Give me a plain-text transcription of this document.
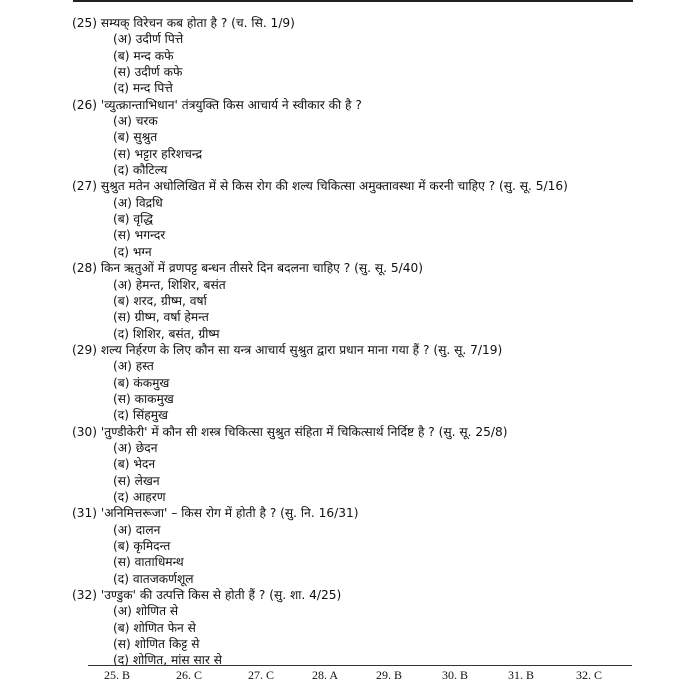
(25) सम्यक् विरेचन कब होता है ? (च. सि. 1/9)
(अ) उदीर्ण पित्ते
(ब) मन्द कफे
(स) उदीर्ण कफे
(द) मन्द पित्ते
(26) 'व्युत्क्रान्ताभिधान' तंत्रयुक्ति किस आचार्य ने स्वीकार की है ?
(अ) चरक
(ब) सुश्रुत
(स) भट्टार हरिशचन्द्र
(द) कौटिल्य
(27) सुश्रुत मतेन अधोलिखित में से किस रोग की शल्य चिकित्सा अमुक्तावस्था में करनी चाहिए ? (सु. सू. 5/16)
(अ) विद्रधि
(ब) वृद्धि
(स) भगन्दर
(द) भग्न
(28) किन ऋतुओं में व्रणपट्ट बन्धन तीसरे दिन बदलना चाहिए ? (सु. सू. 5/40)
(अ) हेमन्त, शिशिर, बसंत
(ब) शरद, ग्रीष्म, वर्षा
(स) ग्रीष्म, वर्षा हेमन्त
(द) शिशिर, बसंत, ग्रीष्म
(29) शल्य निर्हरण के लिए कौन सा यन्त्र आचार्य सुश्रुत द्वारा प्रधान माना गया हैं ? (सु. सू. 7/19)
(अ) हस्त
(ब) कंकमुख
(स) काकमुख
(द) सिंहमुख
(30) 'तुण्डीकेरी' में कौन सी शस्त्र चिकित्सा सुश्रुत संहिता में चिकित्सार्थ निर्दिष्ट है ? (सु. सू. 25/8)
(अ) छेदन
(ब) भेदन
(स) लेखन
(द) आहरण
(31) 'अनिमित्तरूजा' – किस रोग में होती है ? (सु. नि. 16/31)
(अ) दालन
(ब) कृमिदन्त
(स) वाताधिमन्थ
(द) वातजकर्णशूल
(32) 'उण्डुक' की उत्पत्ति किस से होती हैं ? (सु. शा. 4/25)
(अ) शोणित से
(ब) शोणित फेन से
(स) शोणित किट्ट से
(द) शोणित, मांस सार से
25. B	26. C	27. C	28. A	29. B	30. B	31. B	32. C
